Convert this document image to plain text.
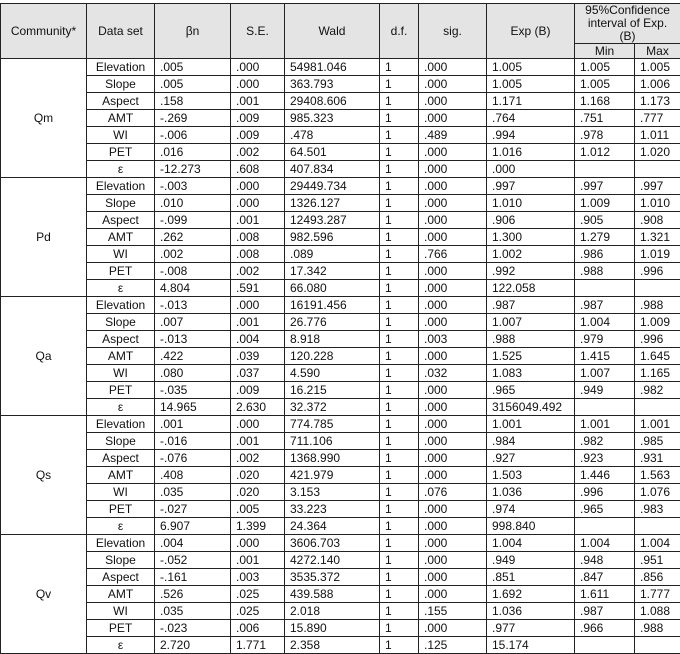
Community*	Data set	βn	S.E.	Wald	d.f.	sig.	Exp (B)	95%Confidence interval of Exp. (B)	
								Min	Max
Qm	Elevation	.005	.000	54981.046	1	.000	1.005	1.005	1.005
	Slope	.005	.000	363.793	1	.000	1.005	1.005	1.006
	Aspect	.158	.001	29408.606	1	.000	1.171	1.168	1.173
	AMT	-.269	.009	985.323	1	.000	.764	.751	.777
	WI	-.006	.009	.478	1	.489	.994	.978	1.011
	PET	.016	.002	64.501	1	.000	1.016	1.012	1.020
	ε	-12.273	.608	407.834	1	.000	.000		
Pd	Elevation	-.003	.000	29449.734	1	.000	.997	.997	.997
	Slope	.010	.000	1326.127	1	.000	1.010	1.009	1.010
	Aspect	-.099	.001	12493.287	1	.000	.906	.905	.908
	AMT	.262	.008	982.596	1	.000	1.300	1.279	1.321
	WI	.002	.008	.089	1	.766	1.002	.986	1.019
	PET	-.008	.002	17.342	1	.000	.992	.988	.996
	ε	4.804	.591	66.080	1	.000	122.058		
Qa	Elevation	-.013	.000	16191.456	1	.000	.987	.987	.988
	Slope	.007	.001	26.776	1	.000	1.007	1.004	1.009
	Aspect	-.013	.004	8.918	1	.003	.988	.979	.996
	AMT	.422	.039	120.228	1	.000	1.525	1.415	1.645
	WI	.080	.037	4.590	1	.032	1.083	1.007	1.165
	PET	-.035	.009	16.215	1	.000	.965	.949	.982
	ε	14.965	2.630	32.372	1	.000	3156049.492		
Qs	Elevation	.001	.000	774.785	1	.000	1.001	1.001	1.001
	Slope	-.016	.001	711.106	1	.000	.984	.982	.985
	Aspect	-.076	.002	1368.990	1	.000	.927	.923	.931
	AMT	.408	.020	421.979	1	.000	1.503	1.446	1.563
	WI	.035	.020	3.153	1	.076	1.036	.996	1.076
	PET	-.027	.005	33.223	1	.000	.974	.965	.983
	ε	6.907	1.399	24.364	1	.000	998.840		
Qv	Elevation	.004	.000	3606.703	1	.000	1.004	1.004	1.004
	Slope	-.052	.001	4272.140	1	.000	.949	.948	.951
	Aspect	-.161	.003	3535.372	1	.000	.851	.847	.856
	AMT	.526	.025	439.588	1	.000	1.692	1.611	1.777
	WI	.035	.025	2.018	1	.155	1.036	.987	1.088
	PET	-.023	.006	15.890	1	.000	.977	.966	.988
	ε	2.720	1.771	2.358	1	.125	15.174		
